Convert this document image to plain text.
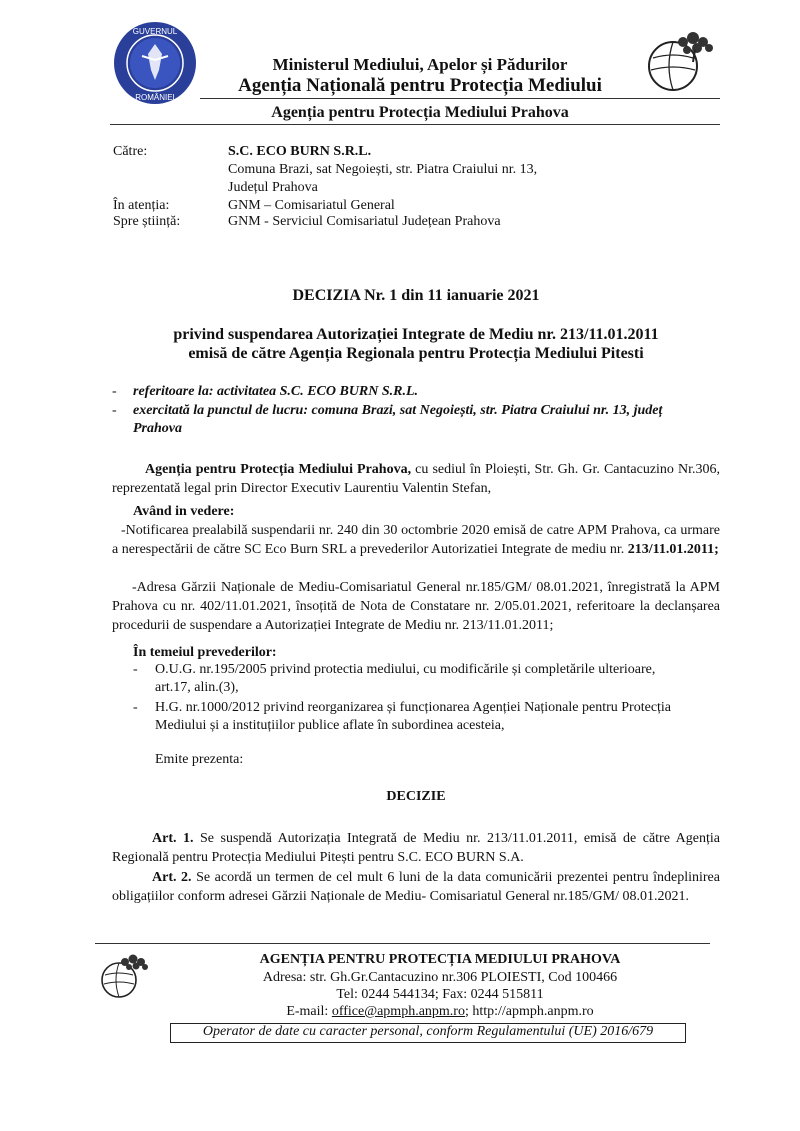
GUVERNUL
ROMÂNIEI
Ministerul Mediului, Apelor și Pădurilor
Agenția Națională pentru Protecția Mediului
Agenția pentru Protecția Mediului Prahova
Către:	S.C. ECO BURN S.R.L.
Comuna Brazi, sat Negoiești, str. Piatra Craiului nr. 13,
Județul Prahova
În atenția:	GNM – Comisariatul General
Spre știință:	GNM - Serviciul Comisariatul Județean Prahova
DECIZIA Nr. 1 din 11 ianuarie 2021
privind suspendarea Autorizației Integrate de Mediu nr. 213/11.01.2011
emisă de către Agenția Regionala pentru Protecția Mediului Pitesti
- referitoare la: activitatea S.C. ECO BURN S.R.L.
- exercitată la punctul de lucru: comuna Brazi, sat Negoiești, str. Piatra Craiului nr. 13, județ
Prahova
Agenția pentru Protecția Mediului Prahova, cu sediul în Ploiești, Str. Gh. Gr. Cantacuzino Nr.306, reprezentată legal prin Director Executiv Laurentiu Valentin Stefan,
Având in vedere:
-Notificarea prealabilă suspendarii nr. 240 din 30 octombrie 2020 emisă de catre APM Prahova, ca urmare a nerespectării de către SC Eco Burn SRL a prevederilor Autorizatiei Integrate de mediu nr. 213/11.01.2011;
-Adresa Gărzii Naționale de Mediu-Comisariatul General nr.185/GM/ 08.01.2021, înregistrată la APM Prahova cu nr. 402/11.01.2021, însoțită de Nota de Constatare nr. 2/05.01.2021, referitoare la declanșarea procedurii de suspendare a Autorizației Integrate de Mediu nr. 213/11.01.2011;
În temeiul prevederilor:
- O.U.G. nr.195/2005 privind protectia mediului, cu modificările și completările ulterioare,
art.17, alin.(3),
- H.G. nr.1000/2012 privind reorganizarea și funcționarea Agenției Naționale pentru Protecția
Mediului și a instituțiilor publice aflate în subordinea acesteia,
Emite prezenta:
DECIZIE
Art. 1. Se suspendă Autorizația Integrată de Mediu nr. 213/11.01.2011, emisă de către Agenția Regională pentru Protecția Mediului Pitești pentru S.C. ECO BURN S.A.
Art. 2. Se acordă un termen de cel mult 6 luni de la data comunicării prezentei pentru îndeplinirea obligațiilor conform adresei Gărzii Naționale de Mediu- Comisariatul General nr.185/GM/ 08.01.2021.
AGENȚIA PENTRU PROTECȚIA MEDIULUI PRAHOVA
Adresa: str. Gh.Gr.Cantacuzino nr.306 PLOIESTI, Cod 100466
Tel: 0244 544134; Fax: 0244 515811
E-mail: office@apmph.anpm.ro; http://apmph.anpm.ro
Operator de date cu caracter personal, conform Regulamentului (UE) 2016/679
